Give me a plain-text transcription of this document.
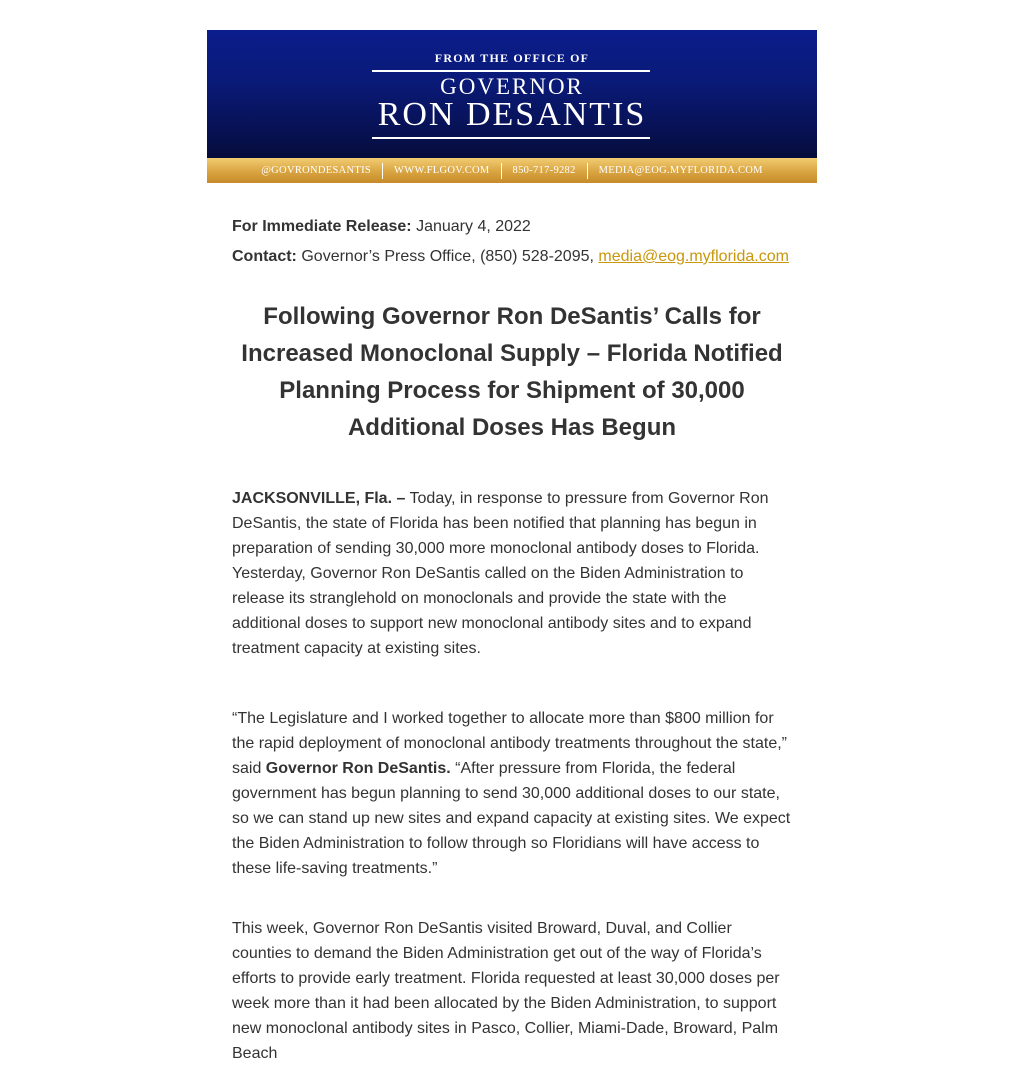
FROM THE OFFICE OF
GOVERNOR
RON DESANTIS
@GOVRONDESANTIS WWW.FLGOV.COM 850-717-9282 MEDIA@EOG.MYFLORIDA.COM
For Immediate Release: January 4, 2022
Contact: Governor’s Press Office, (850) 528-2095, media@eog.myflorida.com
Following Governor Ron DeSantis’ Calls for Increased Monoclonal Supply – Florida Notified Planning Process for Shipment of 30,000 Additional Doses Has Begun

JACKSONVILLE, Fla. – Today, in response to pressure from Governor Ron DeSantis, the state of Florida has been notified that planning has begun in preparation of sending 30,000 more monoclonal antibody doses to Florida. Yesterday, Governor Ron DeSantis called on the Biden Administration to release its stranglehold on monoclonals and provide the state with the additional doses to support new monoclonal antibody sites and to expand treatment capacity at existing sites.

“The Legislature and I worked together to allocate more than $800 million for the rapid deployment of monoclonal antibody treatments throughout the state,” said Governor Ron DeSantis. “After pressure from Florida, the federal government has begun planning to send 30,000 additional doses to our state, so we can stand up new sites and expand capacity at existing sites. We expect the Biden Administration to follow through so Floridians will have access to these life-saving treatments.”

This week, Governor Ron DeSantis visited Broward, Duval, and Collier counties to demand the Biden Administration get out of the way of Florida’s efforts to provide early treatment. Florida requested at least 30,000 doses per week more than it had been allocated by the Biden Administration, to support new monoclonal antibody sites in Pasco, Collier, Miami-Dade, Broward, Palm Beach
